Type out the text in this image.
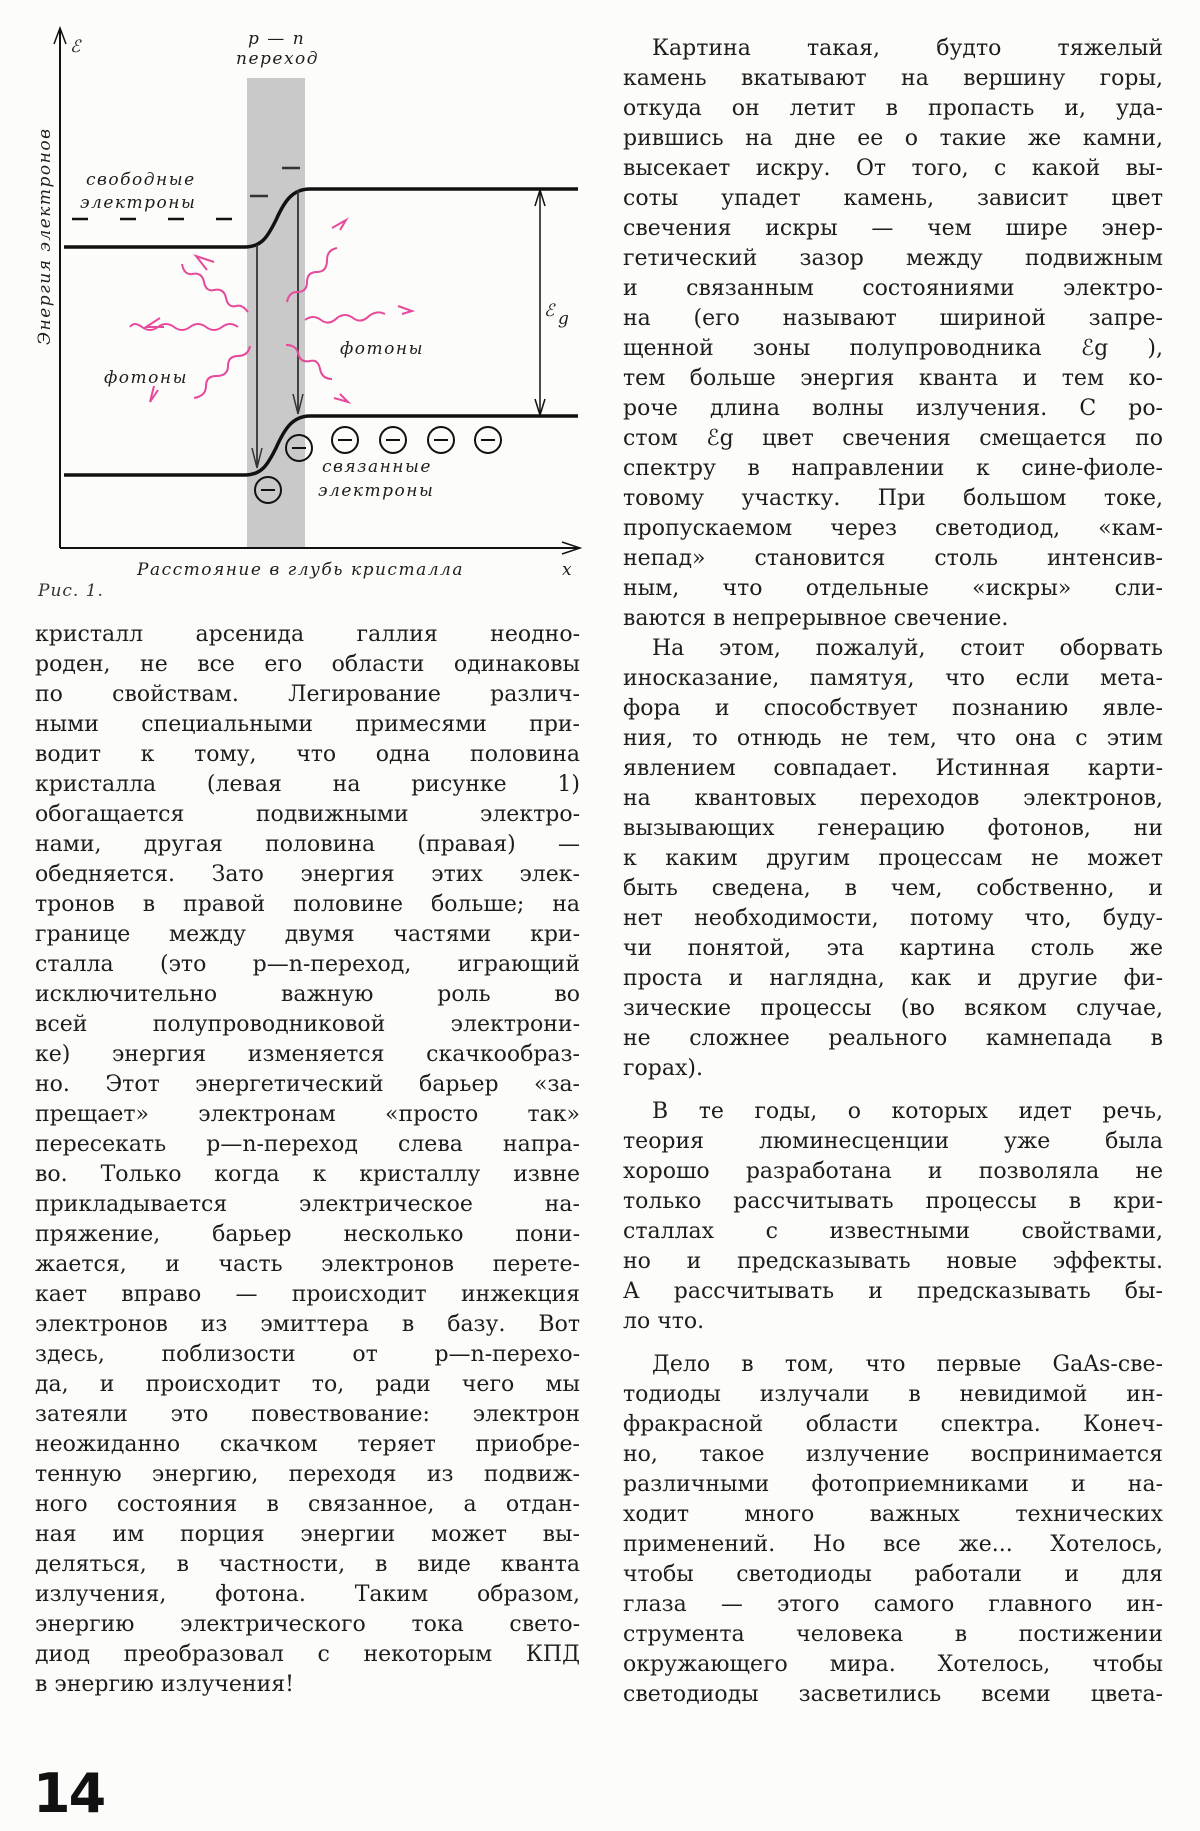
ℰ
Энергия электронов
p — n
переход
свободные
электроны
ℰ g
фотоны
фотоны
связанные
электроны
Расстояние в глубь кристалла	x
Рис. 1.
кристалл арсенида галлия неодно-
роден, не все его области одинаковы
по свойствам. Легирование различ-
ными специальными примесями при-
водит к тому, что одна половина
кристалла (левая на рисунке 1)
обогащается подвижными электро-
нами, другая половина (правая) —
обедняется. Зато энергия этих элек-
тронов в правой половине больше; на
границе между двумя частями кри-
сталла (это p—n-переход, играющий
исключительно важную роль во
всей полупроводниковой электрони-
ке) энергия изменяется скачкообраз-
но. Этот энергетический барьер «за-
прещает» электронам «просто так»
пересекать p—n-переход слева напра-
во. Только когда к кристаллу извне
прикладывается электрическое на-
пряжение, барьер несколько пони-
жается, и часть электронов перете-
кает вправо — происходит инжекция
электронов из эмиттера в базу. Вот
здесь, поблизости от p—n-перехо-
да, и происходит то, ради чего мы
затеяли это повествование: электрон
неожиданно скачком теряет приобре-
тенную энергию, переходя из подвиж-
ного состояния в связанное, а отдан-
ная им порция энергии может вы-
деляться, в частности, в виде кванта
излучения, фотона. Таким образом,
энергию электрического тока свето-
диод преобразовал с некоторым КПД
в энергию излучения!
Картина такая, будто тяжелый
камень вкатывают на вершину горы,
откуда он летит в пропасть и, уда-
рившись на дне ее о такие же камни,
высекает искру. От того, с какой вы-
соты упадет камень, зависит цвет
свечения искры — чем шире энер-
гетический зазор между подвижным
и связанным состояниями электро-
на (его называют шириной запре-
щенной зоны полупроводника ℰg ),
тем больше энергия кванта и тем ко-
роче длина волны излучения. С ро-
стом ℰg цвет свечения смещается по
спектру в направлении к сине-фиоле-
товому участку. При большом токе,
пропускаемом через светодиод, «кам-
непад» становится столь интенсив-
ным, что отдельные «искры» сли-
ваются в непрерывное свечение.
На этом, пожалуй, стоит оборвать
иносказание, памятуя, что если мета-
фора и способствует познанию явле-
ния, то отнюдь не тем, что она с этим
явлением совпадает. Истинная карти-
на квантовых переходов электронов,
вызывающих генерацию фотонов, ни
к каким другим процессам не может
быть сведена, в чем, собственно, и
нет необходимости, потому что, буду-
чи понятой, эта картина столь же
проста и наглядна, как и другие фи-
зические процессы (во всяком случае,
не сложнее реального камнепада в
горах).
В те годы, о которых идет речь,
теория люминесценции уже была
хорошо разработана и позволяла не
только рассчитывать процессы в кри-
сталлах с известными свойствами,
но и предсказывать новые эффекты.
А рассчитывать и предсказывать бы-
ло что.
Дело в том, что первые GaAs-све-
тодиоды излучали в невидимой ин-
фракрасной области спектра. Конеч-
но, такое излучение воспринимается
различными фотоприемниками и на-
ходит много важных технических
применений. Но все же... Хотелось,
чтобы светодиоды работали и для
глаза — этого самого главного ин-
струмента человека в постижении
окружающего мира. Хотелось, чтобы
светодиоды засветились всеми цвета-
14
